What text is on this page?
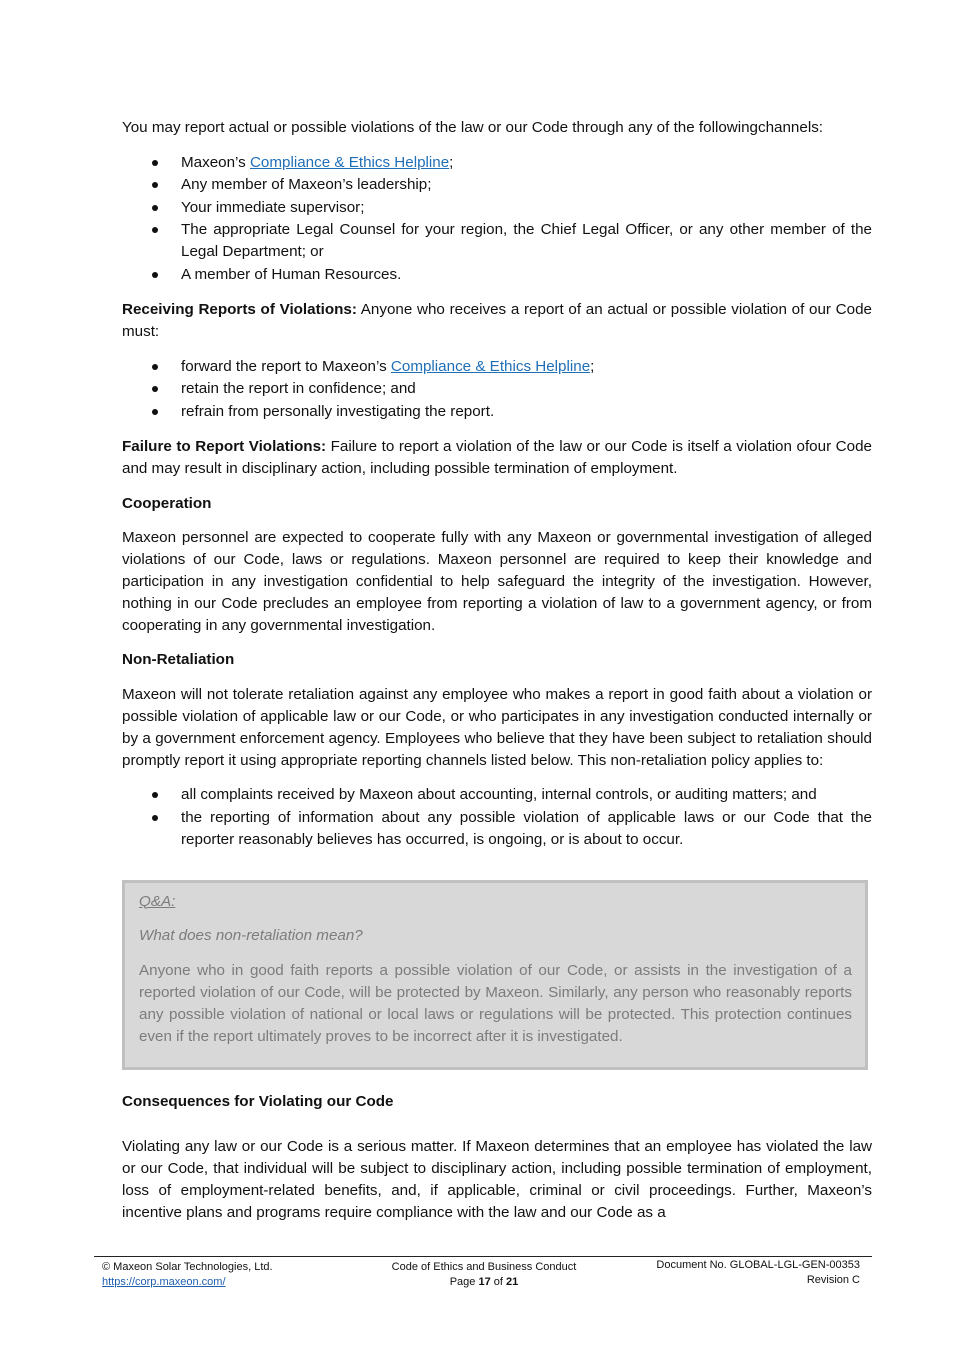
You may report actual or possible violations of the law or our Code through any of the followingchannels:

Maxeon’s Compliance & Ethics Helpline;
Any member of Maxeon’s leadership;
Your immediate supervisor;
The appropriate Legal Counsel for your region, the Chief Legal Officer, or any other member of the Legal Department; or
A member of Human Resources.

Receiving Reports of Violations: Anyone who receives a report of an actual or possible violation of our Code must:

forward the report to Maxeon’s Compliance & Ethics Helpline;
retain the report in confidence; and
refrain from personally investigating the report.

Failure to Report Violations: Failure to report a violation of the law or our Code is itself a violation ofour Code and may result in disciplinary action, including possible termination of employment.

Cooperation

Maxeon personnel are expected to cooperate fully with any Maxeon or governmental investigation of alleged violations of our Code, laws or regulations. Maxeon personnel are required to keep their knowledge and participation in any investigation confidential to help safeguard the integrity of the investigation. However, nothing in our Code precludes an employee from reporting a violation of law to a government agency, or from cooperating in any governmental investigation.

Non-Retaliation

Maxeon will not tolerate retaliation against any employee who makes a report in good faith about a violation or possible violation of applicable law or our Code, or who participates in any investigation conducted internally or by a government enforcement agency. Employees who believe that they have been subject to retaliation should promptly report it using appropriate reporting channels listed below. This non-retaliation policy applies to:

all complaints received by Maxeon about accounting, internal controls, or auditing matters; and
the reporting of information about any possible violation of applicable laws or our Code that the reporter reasonably believes has occurred, is ongoing, or is about to occur.

Q&A:

What does non-retaliation mean?

Anyone who in good faith reports a possible violation of our Code, or assists in the investigation of a reported violation of our Code, will be protected by Maxeon. Similarly, any person who reasonably reports any possible violation of national or local laws or regulations will be protected. This protection continues even if the report ultimately proves to be incorrect after it is investigated.

Consequences for Violating our Code

Violating any law or our Code is a serious matter. If Maxeon determines that an employee has violated the law or our Code, that individual will be subject to disciplinary action, including possible termination of employment, loss of employment-related benefits, and, if applicable, criminal or civil proceedings. Further, Maxeon’s incentive plans and programs require compliance with the law and our Code as a

© Maxeon Solar Technologies, Ltd.
https://corp.maxeon.com/
Code of Ethics and Business Conduct
Page 17 of 21
Document No. GLOBAL-LGL-GEN-00353
Revision C
